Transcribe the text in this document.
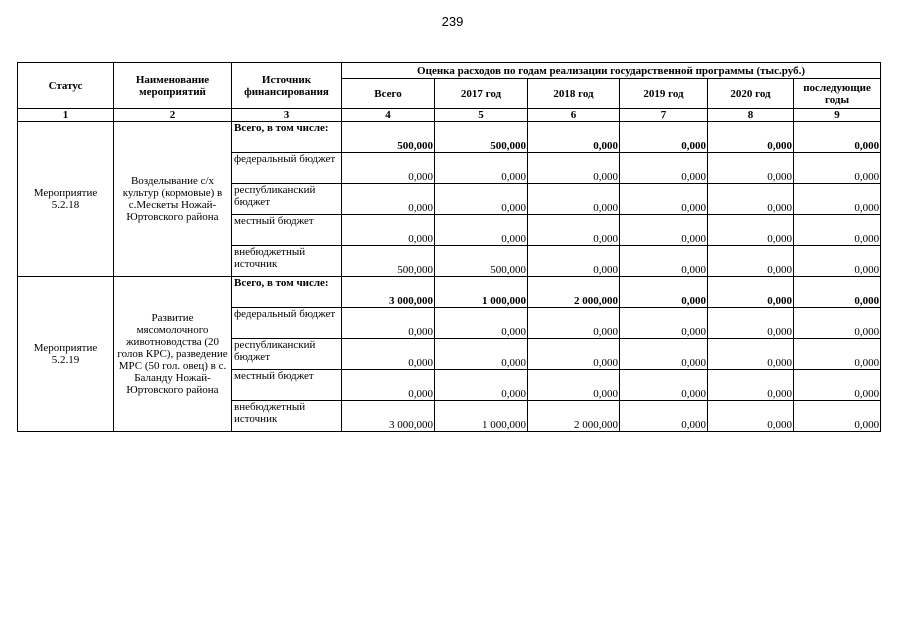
239
Статус	Наименование мероприятий	Источник финансирования	Оценка расходов по годам реализации государственной программы (тыс.руб.)					
			Всего	2017 год	2018 год	2019 год	2020 год	последующие годы
1	2	3	4	5	6	7	8	9
Мероприятие 5.2.18	Возделывание с/х культур (кормовые) в с.Мескеты Ножай-Юртовского района	Всего, в том числе:	500,000	500,000	0,000	0,000	0,000	0,000
		федеральный бюджет	0,000	0,000	0,000	0,000	0,000	0,000
		республиканский бюджет	0,000	0,000	0,000	0,000	0,000	0,000
		местный бюджет	0,000	0,000	0,000	0,000	0,000	0,000
		внебюджетный источник	500,000	500,000	0,000	0,000	0,000	0,000
Мероприятие 5.2.19	Развитие мясомолочного животноводства (20 голов КРС), разведение МРС (50 гол. овец) в с. Баланду Ножай-Юртовского района	Всего, в том числе:	3 000,000	1 000,000	2 000,000	0,000	0,000	0,000
		федеральный бюджет	0,000	0,000	0,000	0,000	0,000	0,000
		республиканский бюджет	0,000	0,000	0,000	0,000	0,000	0,000
		местный бюджет	0,000	0,000	0,000	0,000	0,000	0,000
		внебюджетный источник	3 000,000	1 000,000	2 000,000	0,000	0,000	0,000
